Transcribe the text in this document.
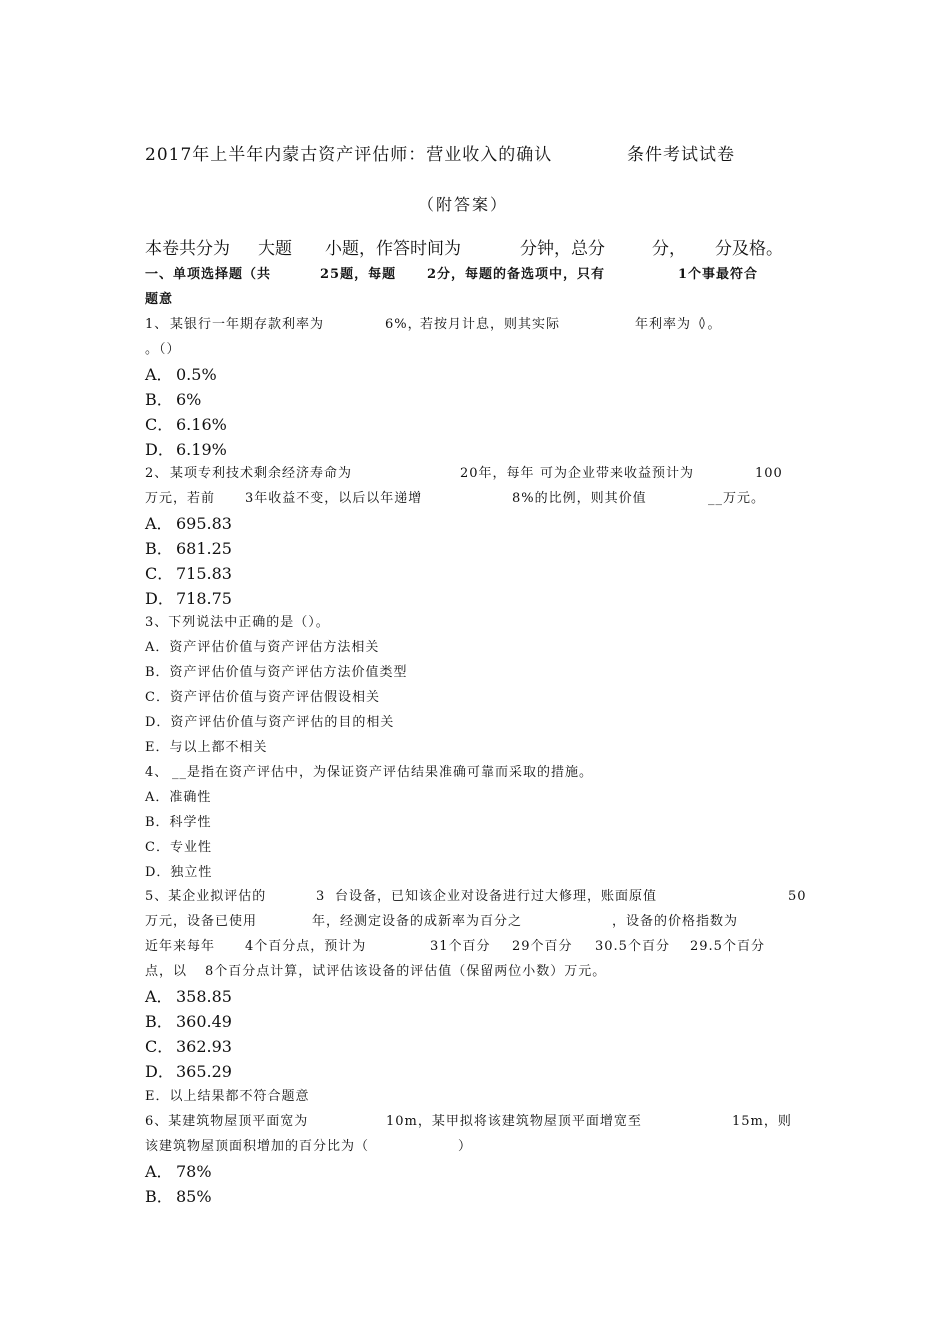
2017年上半年内蒙古资产评估师：营业收入的确认	条件考试试卷
（附答案）
本卷共分为 大题 小题，作答时间为	分钟，总分	分， 分及格。
一、单项选择题（共	25题，每题 2分，每题的备选项中，只有	1个事最符合
题意
1、 某银行一年期存款利率为	6%，
若按月计息，则其实际	年利率为（
）。
。（）
A． 0.5%
B． 6%
C． 6.16%
D． 6.19%
2、 某项专利技术剩余经济寿命为	20年，每年 可为企业带来收益预计为	100
万元，若前 3年收益不变，以后以年递增	8%的比例，则其价值	__万元。
A． 695.83
B． 681.25
C． 715.83
D． 718.75
3、下列说法中正确的是（）。
A．资产评估价值与资产评估方法相关
B．资产评估价值与资产评估方法价值类型
C．资产评估价值与资产评估假设相关
D．资产评估价值与资产评估的目的相关
E．与以上都不相关
4、 __是指在资产评估中，为保证资产评估结果准确可靠而采取的措施。
A．准确性
B．科学性
C．专业性
D．独立性
5、某企业拟评估的	3 台设备，已知该企业对设备进行过大修理，账面原值	50
万元，设备已使用	年，经测定设备的成新率为百分之	，设备的价格指数为
近年来每年 4个百分点，预计为	31个百分 29个百分 30.5个百分 29.5个百分
点，以 8个百分点计算，试评估该设备的评估值（保留两位小数）万元。
A． 358.85
B． 360.49
C． 362.93
D． 365.29
E．以上结果都不符合题意
6、某建筑物屋顶平面宽为	10m，某甲拟将该建筑物屋顶平面增宽至	15m，则
该建筑物屋顶面积增加的百分比为（	）
A． 78%
B． 85%
